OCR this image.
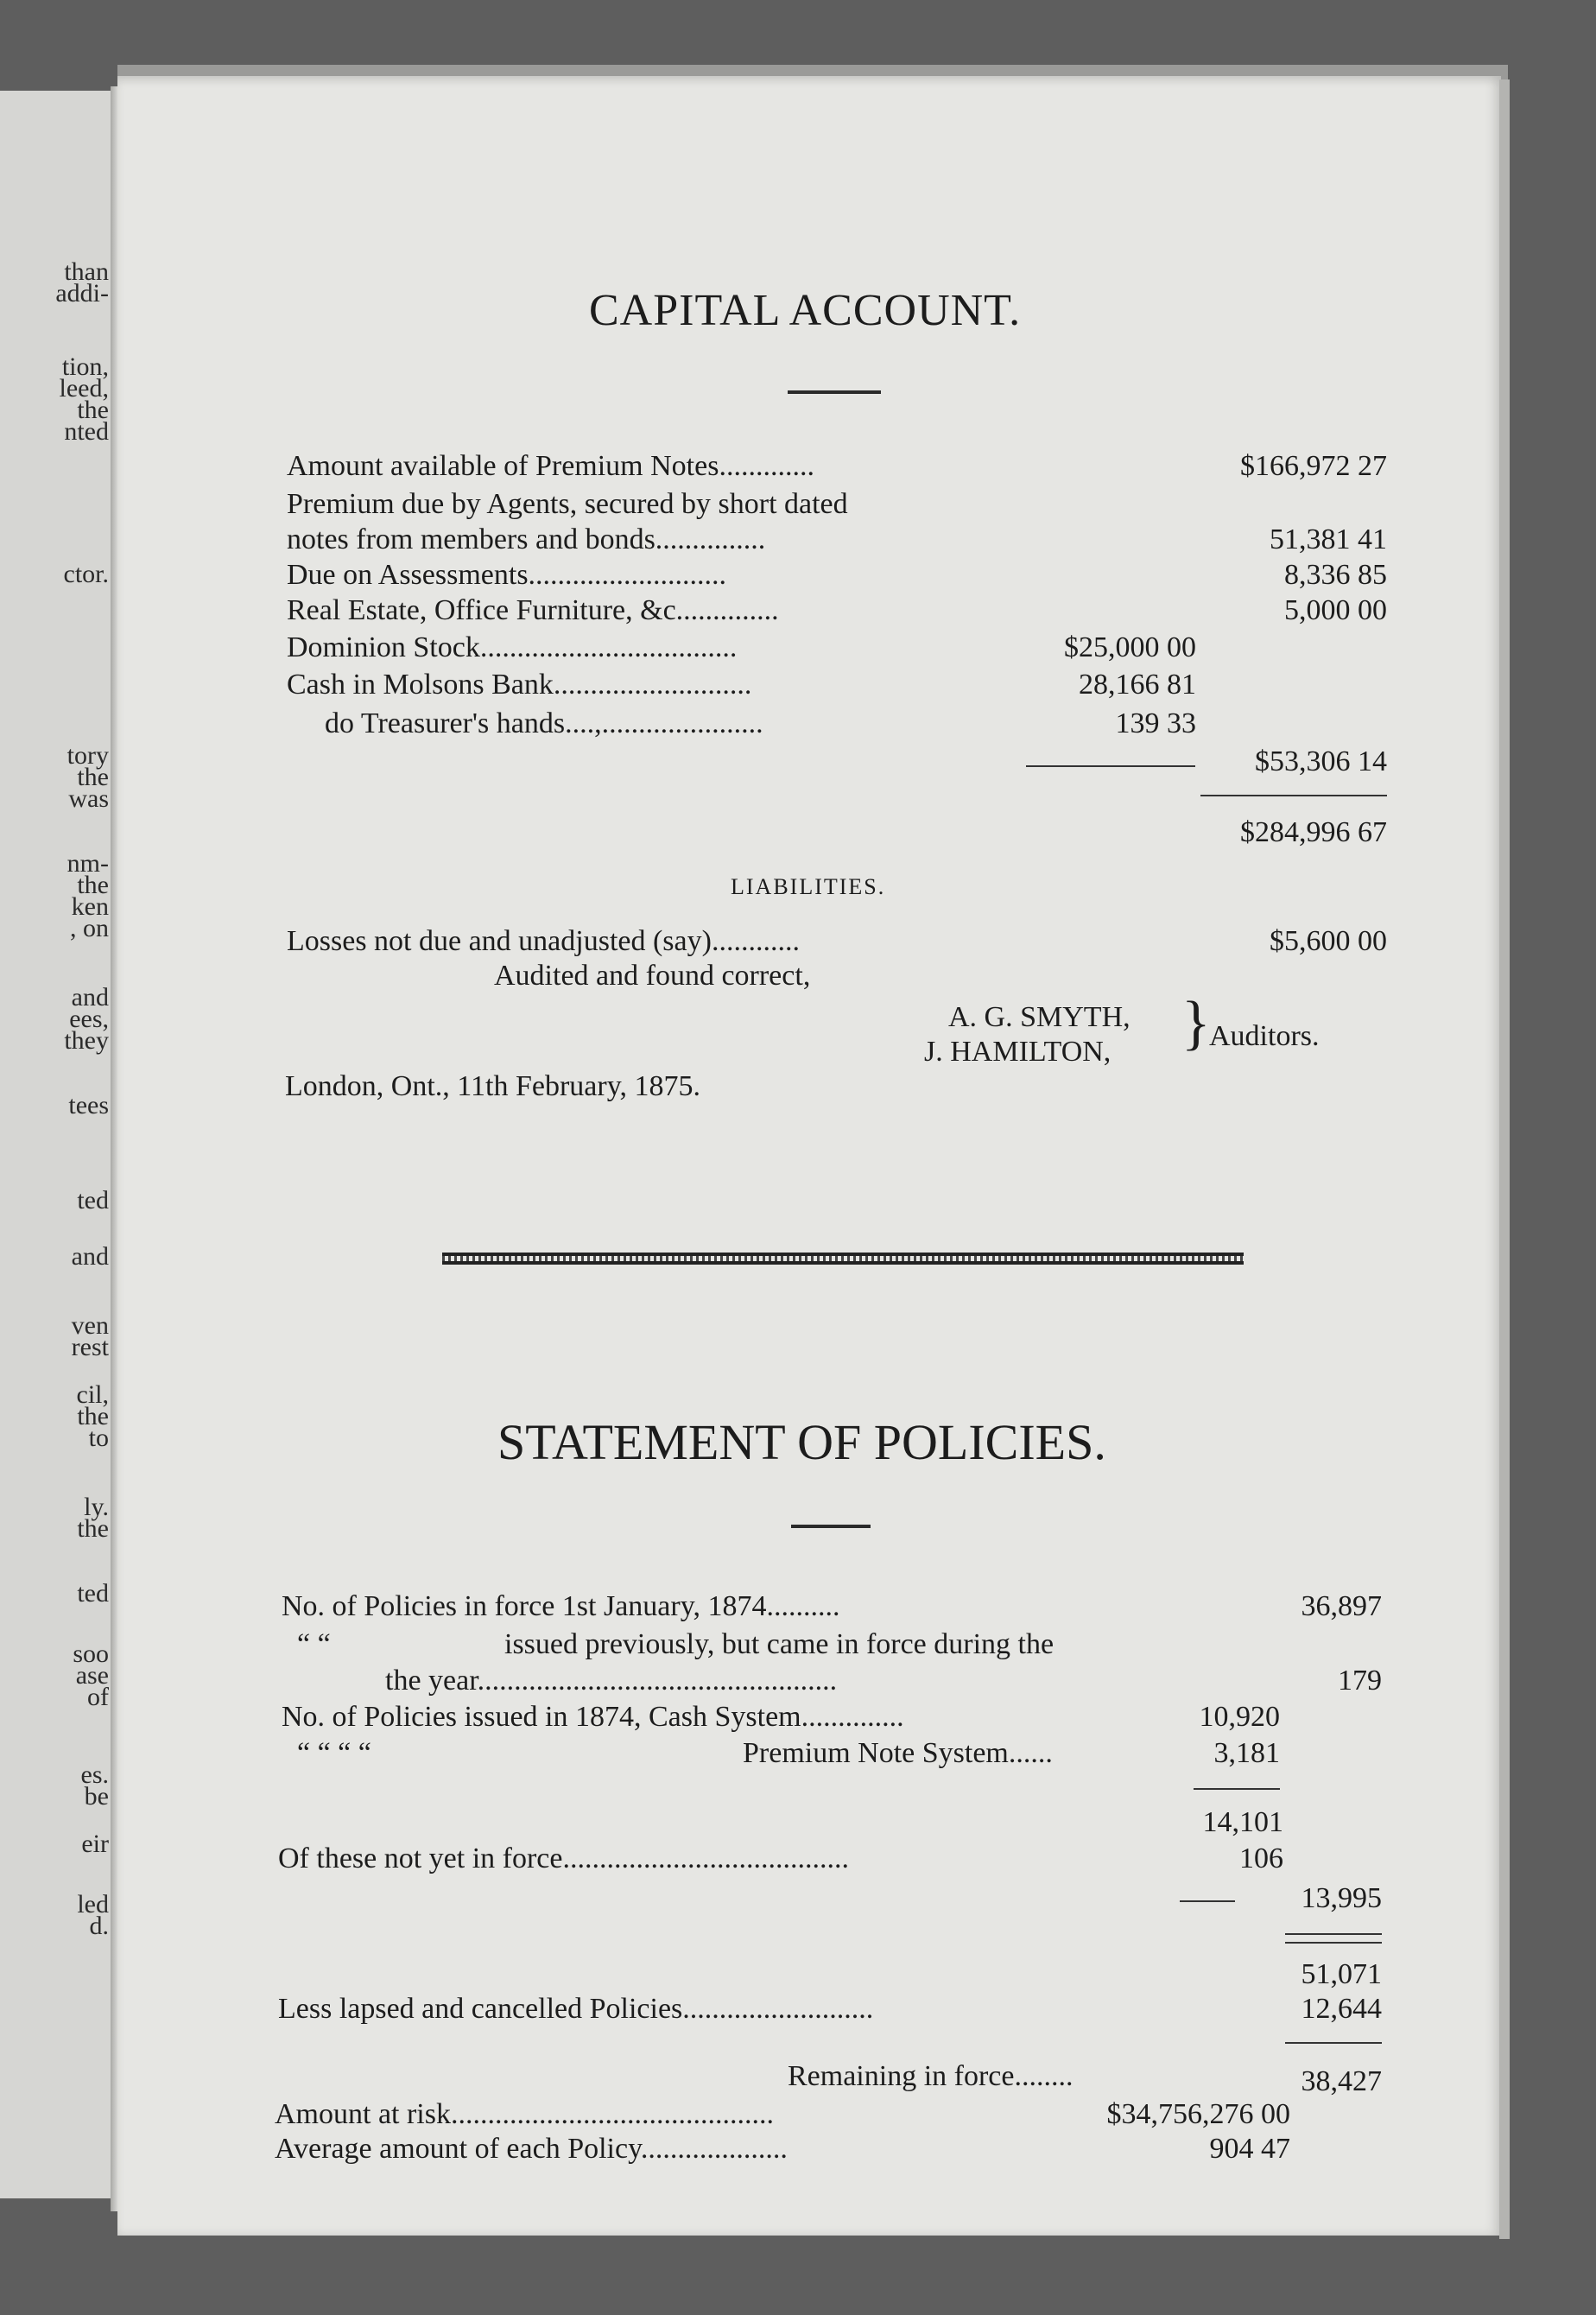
than
addi-
tion,
leed,
the
nted
ctor.
tory
the
was
nm-
the
ken
, on
and
ees,
they
tees
ted
and
ven
rest
cil,
the
to
ly.
the
ted
soo
ase
of
es.
be
eir
led
d.
CAPITAL ACCOUNT.
Amount available of Premium Notes.............	$166,972 27
Premium due by Agents, secured by short dated
notes from members and bonds...............	51,381 41
Due on Assessments...........................	8,336 85
Real Estate, Office Furniture, &c..............	5,000 00
Dominion Stock...................................	$25,000 00
Cash in Molsons Bank...........................	28,166 81
do Treasurer's hands....,......................	139 33
$53,306 14
$284,996 67
LIABILITIES.
Losses not due and unadjusted (say)............	$5,600 00
Audited and found correct,
A. G. SMYTH,
J. HAMILTON, }
Auditors.
London, Ont., 11th February, 1875.
STATEMENT OF POLICIES.
No. of Policies in force 1st January, 1874..........	36,897
“ “	issued previously, but came in force during the
the year.................................................	179
No. of Policies issued in 1874, Cash System..............	10,920
“ “ “ “	Premium Note System......	3,181
14,101
Of these not yet in force.......................................	106
13,995
51,071
Less lapsed and cancelled Policies..........................	12,644
Remaining in force........	38,427
Amount at risk............................................	$34,756,276 00
Average amount of each Policy....................	904 47
